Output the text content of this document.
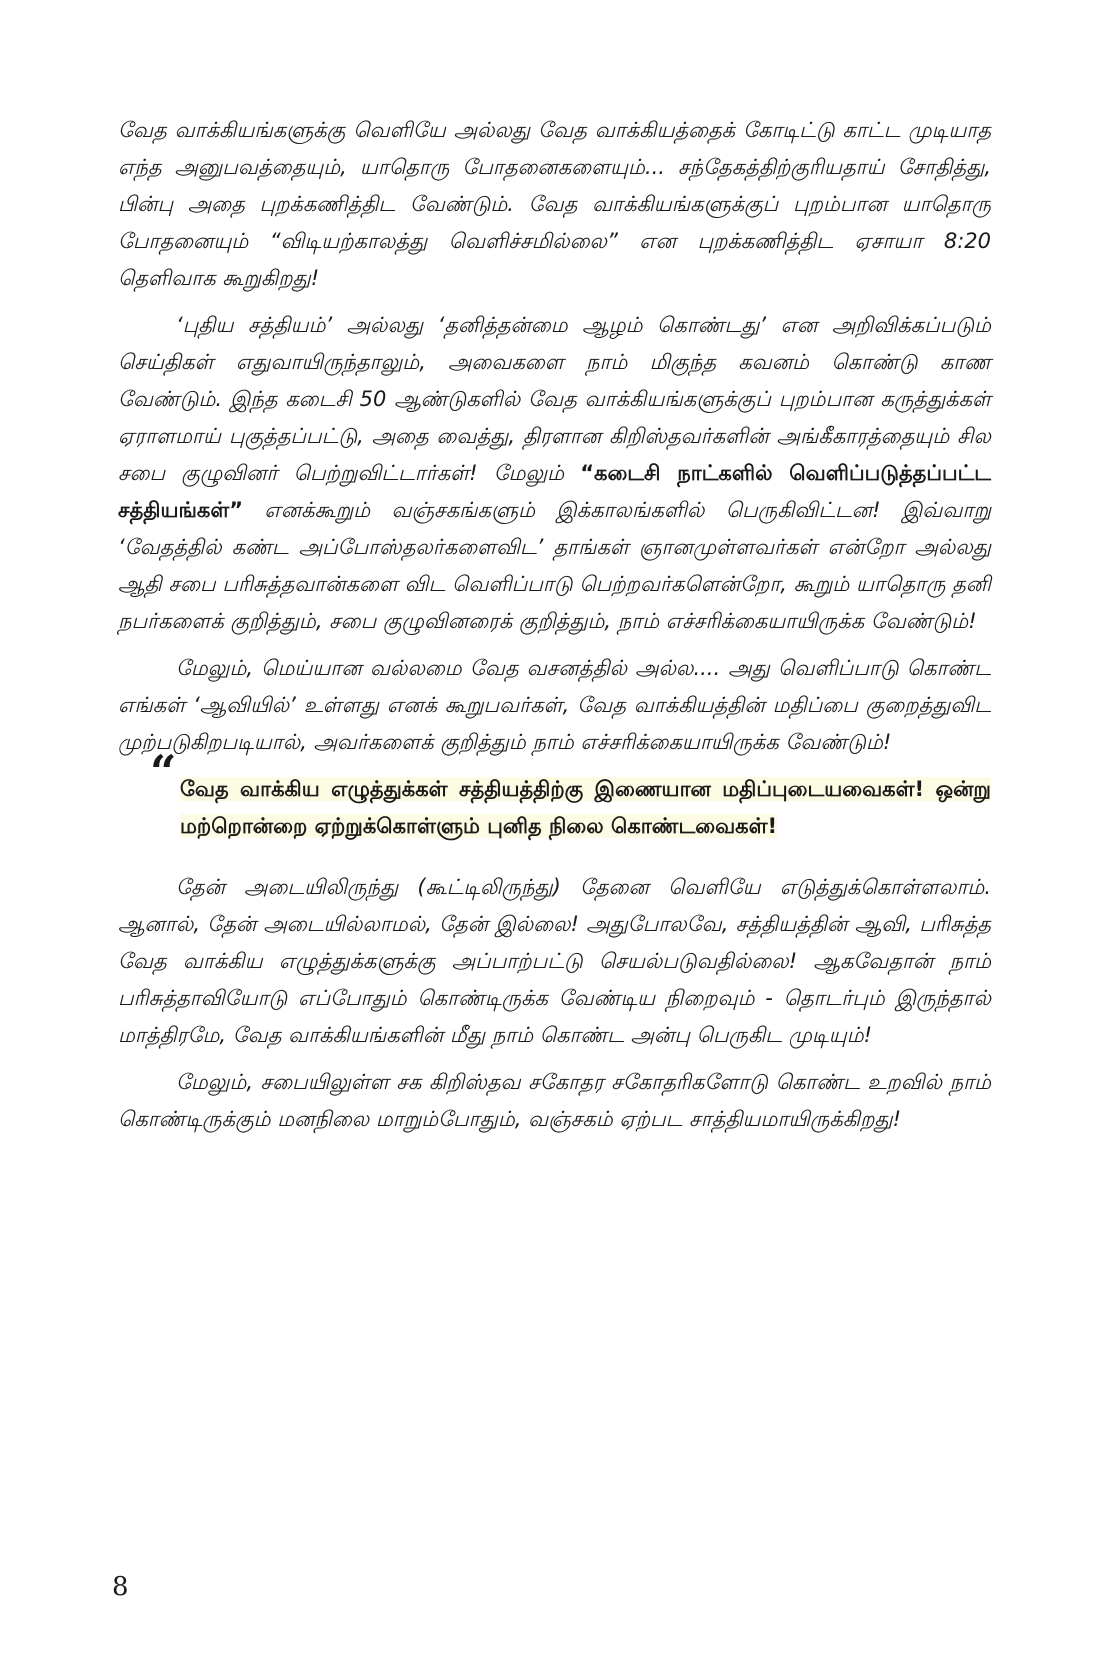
வேத வாக்கியங்களுக்கு வெளியே அல்லது வேத வாக்கியத்தைக் கோடிட்டு காட்ட முடியாத எந்த அனுபவத்தையும், யாதொரு போதனைகளையும்... சந்தேகத்திற்குரியதாய் சோதித்து, பின்பு அதை புறக்கணித்திட வேண்டும். வேத வாக்கியங்களுக்குப் புறம்பான யாதொரு போதனையும் “விடியற்காலத்து வெளிச்சமில்லை” என புறக்கணித்திட ஏசாயா 8:20 தெளிவாக கூறுகிறது!

‘புதிய சத்தியம்’ அல்லது ‘தனித்தன்மை ஆழம் கொண்டது’ என அறிவிக்கப்படும் செய்திகள் எதுவாயிருந்தாலும், அவைகளை நாம் மிகுந்த கவனம் கொண்டு காண வேண்டும். இந்த கடைசி 50 ஆண்டுகளில் வேத வாக்கியங்களுக்குப் புறம்பான கருத்துக்கள் ஏராளமாய் புகுத்தப்பட்டு, அதை வைத்து, திரளான கிறிஸ்தவர்களின் அங்கீகாரத்தையும் சில சபை குழுவினர் பெற்றுவிட்டார்கள்! மேலும் “கடைசி நாட்களில் வெளிப்படுத்தப்பட்ட சத்தியங்கள்” எனக்கூறும் வஞ்சகங்களும் இக்காலங்களில் பெருகிவிட்டன! இவ்வாறு ‘வேதத்தில் கண்ட அப்போஸ்தலர்களைவிட’ தாங்கள் ஞானமுள்ளவர்கள் என்றோ அல்லது ஆதி சபை பரிசுத்தவான்களை விட வெளிப்பாடு பெற்றவர்களென்றோ, கூறும் யாதொரு தனி நபர்களைக் குறித்தும், சபை குழுவினரைக் குறித்தும், நாம் எச்சரிக்கையாயிருக்க வேண்டும்!

மேலும், மெய்யான வல்லமை வேத வசனத்தில் அல்ல.... அது வெளிப்பாடு கொண்ட எங்கள் ‘ஆவியில்’ உள்ளது எனக் கூறுபவர்கள், வேத வாக்கியத்தின் மதிப்பை குறைத்துவிட முற்படுகிறபடியால், அவர்களைக் குறித்தும் நாம் எச்சரிக்கையாயிருக்க வேண்டும்!

“ வேத வாக்கிய எழுத்துக்கள் சத்தியத்திற்கு இணையான மதிப்புடையவைகள்! ஒன்று மற்றொன்றை ஏற்றுக்கொள்ளும் புனித நிலை கொண்டவைகள்!

தேன் அடையிலிருந்து (கூட்டிலிருந்து) தேனை வெளியே எடுத்துக்கொள்ளலாம். ஆனால், தேன் அடையில்லாமல், தேன் இல்லை! அதுபோலவே, சத்தியத்தின் ஆவி, பரிசுத்த வேத வாக்கிய எழுத்துக்களுக்கு அப்பாற்பட்டு செயல்படுவதில்லை! ஆகவேதான் நாம் பரிசுத்தாவியோடு எப்போதும் கொண்டிருக்க வேண்டிய நிறைவும் - தொடர்பும் இருந்தால் மாத்திரமே, வேத வாக்கியங்களின் மீது நாம் கொண்ட அன்பு பெருகிட முடியும்!

மேலும், சபையிலுள்ள சக கிறிஸ்தவ சகோதர சகோதரிகளோடு கொண்ட உறவில் நாம் கொண்டிருக்கும் மனநிலை மாறும்போதும், வஞ்சகம் ஏற்பட சாத்தியமாயிருக்கிறது!

8
